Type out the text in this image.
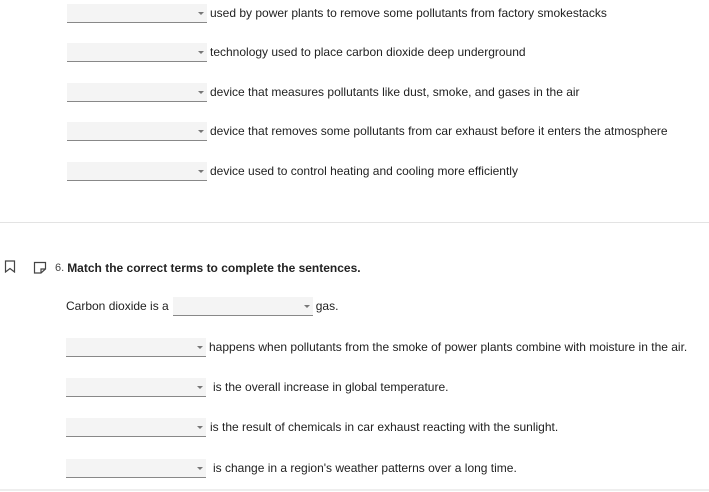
used by power plants to remove some pollutants from factory smokestacks
technology used to place carbon dioxide deep underground
device that measures pollutants like dust, smoke, and gases in the air
device that removes some pollutants from car exhaust before it enters the atmosphere
device used to control heating and cooling more efficiently
6. Match the correct terms to complete the sentences.
Carbon dioxide is a	gas.
happens when pollutants from the smoke of power plants combine with moisture in the air.
is the overall increase in global temperature.
is the result of chemicals in car exhaust reacting with the sunlight.
is change in a region's weather patterns over a long time.
